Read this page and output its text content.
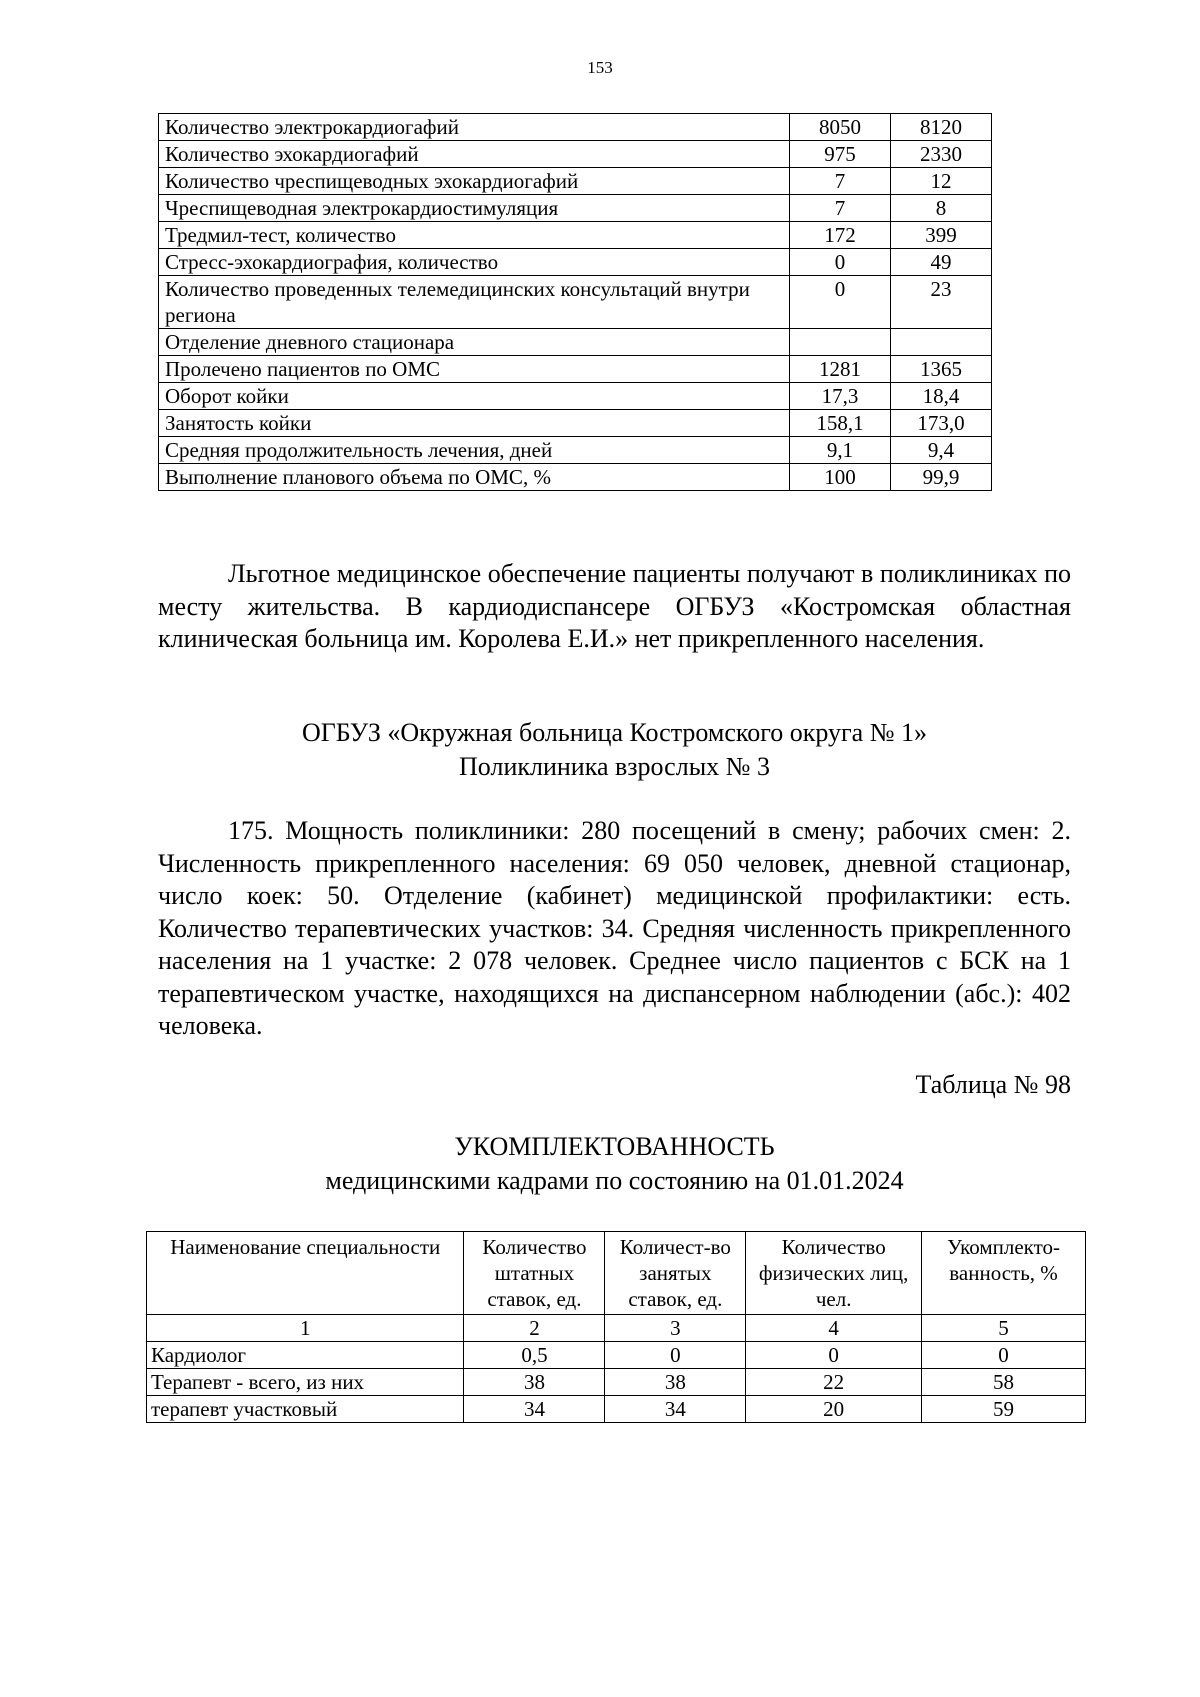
153
Количество электрокардиогафий	8050	8120
Количество эхокардиогафий	975	2330
Количество чреспищеводных эхокардиогафий	7	12
Чреспищеводная электрокардиостимуляция	7	8
Тредмил-тест, количество	172	399
Стресс-эхокардиография, количество	0	49
Количество проведенных телемедицинских консультаций внутри региона	0	23
Отделение дневного стационара		
Пролечено пациентов по ОМС	1281	1365
Оборот койки	17,3	18,4
Занятость койки	158,1	173,0
Средняя продолжительность лечения, дней	9,1	9,4
Выполнение планового объема по ОМС, %	100	99,9
Льготное медицинское обеспечение пациенты получают в поликлиниках по месту жительства. В кардиодиспансере ОГБУЗ «Костромская областная клиническая больница им. Королева Е.И.» нет прикрепленного населения.
ОГБУЗ «Окружная больница Костромского округа № 1»
Поликлиника взрослых № 3
175. Мощность поликлиники: 280 посещений в смену; рабочих смен: 2. Численность прикрепленного населения: 69 050 человек, дневной стационар, число коек: 50. Отделение (кабинет) медицинской профилактики: есть. Количество терапевтических участков: 34. Средняя численность прикрепленного населения на 1 участке: 2 078 человек. Среднее число пациентов с БСК на 1 терапевтическом участке, находящихся на диспансерном наблюдении (абс.): 402 человека.
Таблица № 98
УКОМПЛЕКТОВАННОСТЬ
медицинскими кадрами по состоянию на 01.01.2024
Наименование специальности	Количество штатных ставок, ед.	Количест-во занятых ставок, ед.	Количество физических лиц, чел.	Укомплекто-ванность, %
1	2	3	4	5
Кардиолог	0,5	0	0	0
Терапевт - всего, из них	38	38	22	58
терапевт участковый	34	34	20	59
